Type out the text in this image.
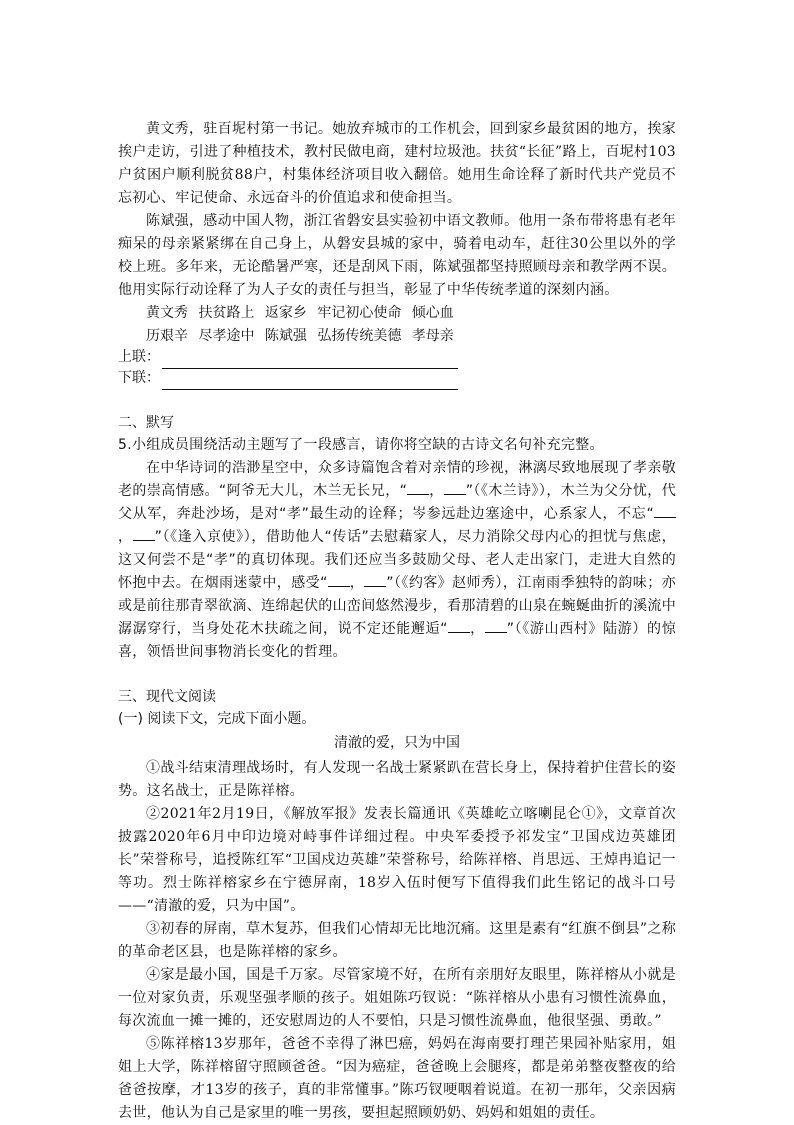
黄文秀，驻百坭村第一书记。她放弃城市的工作机会，回到家乡最贫困的地方，挨家挨户走访，引进了种植技术，教村民做电商，建村垃圾池。扶贫“长征”路上，百坭村103户贫困户顺利脱贫88户，村集体经济项目收入翻倍。她用生命诠释了新时代共产党员不忘初心、牢记使命、永远奋斗的价值追求和使命担当。

陈斌强，感动中国人物，浙江省磐安县实验初中语文教师。他用一条布带将患有老年痴呆的母亲紧紧绑在自己身上，从磐安县城的家中，骑着电动车，赶往30公里以外的学校上班。多年来，无论酷暑严寒，还是刮风下雨，陈斌强都坚持照顾母亲和教学两不误。他用实际行动诠释了为人子女的责任与担当，彰显了中华传统孝道的深刻内涵。

黄文秀 扶贫路上 返家乡 牢记初心使命 倾心血

历艰辛 尽孝途中 陈斌强 弘扬传统美德 孝母亲

上联：
下联：

二、默写

5.小组成员围绕活动主题写了一段感言，请你将空缺的古诗文名句补充完整。

在中华诗词的浩渺星空中，众多诗篇饱含着对亲情的珍视，淋漓尽致地展现了孝亲敬老的崇高情感。“阿爷无大儿，木兰无长兄，“ ， ”（《木兰诗》），木兰为父分忧，代父从军，奔赴沙场，是对“孝”最生动的诠释；岑参远赴边塞途中，心系家人，不忘“， ”（《逢入京使》），借助他人“传话”去慰藉家人，尽力消除父母内心的担忧与焦虑，这又何尝不是“孝”的真切体现。我们还应当多鼓励父母、老人走出家门，走进大自然的怀抱中去。在烟雨迷蒙中，感受“ ， ”（《约客》赵师秀），江南雨季独特的韵味；亦或是前往那青翠欲滴、连绵起伏的山峦间悠然漫步，看那清碧的山泉在蜿蜒曲折的溪流中潺潺穿行，当身处花木扶疏之间，说不定还能邂逅“ ， ”（《游山西村》陆游）的惊喜，领悟世间事物消长变化的哲理。

三、现代文阅读

(一) 阅读下文，完成下面小题。

清澈的爱，只为中国

①战斗结束清理战场时，有人发现一名战士紧紧趴在营长身上，保持着护住营长的姿势。这名战士，正是陈祥榕。

②2021年2月19日，《解放军报》发表长篇通讯《英雄屹立喀喇昆仑①》，文章首次披露2020年6月中印边境对峙事件详细过程。中央军委授予祁发宝“卫国戍边英雄团长”荣誉称号，追授陈红军“卫国戍边英雄”荣誉称号，给陈祥榕、肖思远、王焯冉追记一等功。烈士陈祥榕家乡在宁德屏南，18岁入伍时便写下值得我们此生铭记的战斗口号——“清澈的爱，只为中国”。

③初春的屏南，草木复苏，但我们心情却无比地沉痛。这里是素有“红旗不倒县”之称的革命老区县，也是陈祥榕的家乡。

④家是最小国，国是千万家。尽管家境不好，在所有亲朋好友眼里，陈祥榕从小就是一位对家负责，乐观坚强孝顺的孩子。姐姐陈巧钗说：“陈祥榕从小患有习惯性流鼻血，每次流血一摊一摊的，还安慰周边的人不要怕，只是习惯性流鼻血，他很坚强、勇敢。”

⑤陈祥榕13岁那年，爸爸不幸得了淋巴癌，妈妈在海南要打理芒果园补贴家用，姐姐上大学，陈祥榕留守照顾爸爸。“因为癌症，爸爸晚上会腿疼，都是弟弟整夜整夜的给爸爸按摩，才13岁的孩子，真的非常懂事。”陈巧钗哽咽着说道。在初一那年，父亲因病去世，他认为自己是家里的唯一男孩，要担起照顾奶奶、妈妈和姐姐的责任。
